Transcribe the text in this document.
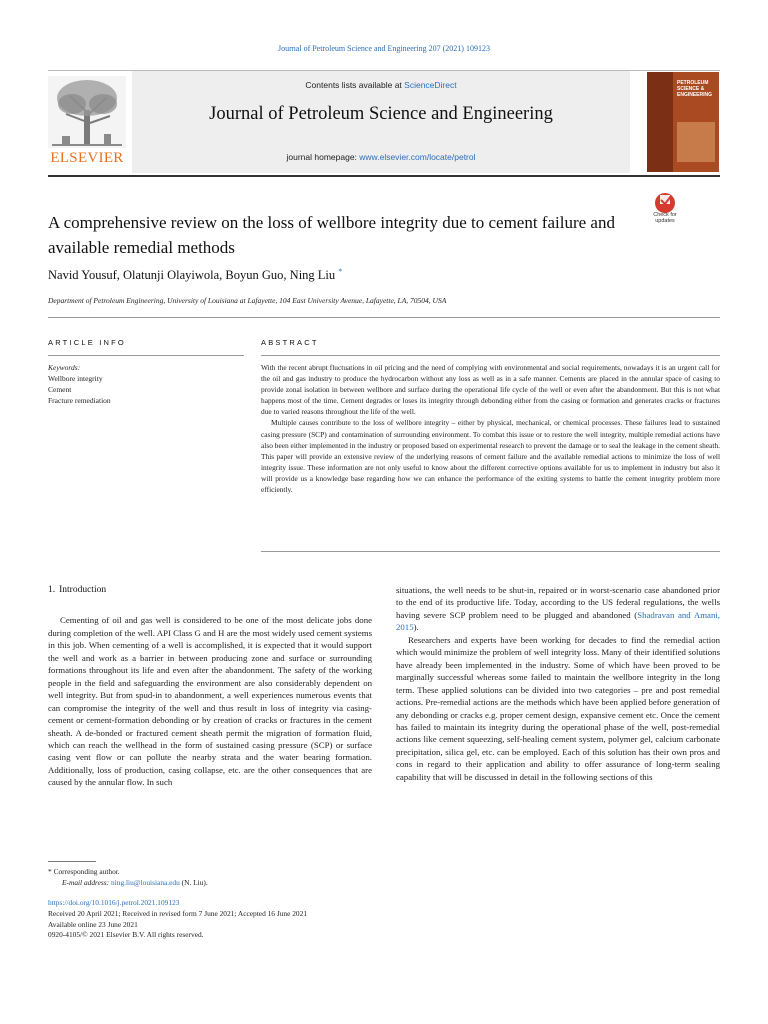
Journal of Petroleum Science and Engineering 207 (2021) 109123
ELSEVIER
Contents lists available at ScienceDirect
Journal of Petroleum Science and Engineering
journal homepage: www.elsevier.com/locate/petrol
PETROLEUM SCIENCE & ENGINEERING
Check for updates
A comprehensive review on the loss of wellbore integrity due to cement failure and available remedial methods
Navid Yousuf, Olatunji Olayiwola, Boyun Guo, Ning Liu *
Department of Petroleum Engineering, University of Louisiana at Lafayette, 104 East University Avenue, Lafayette, LA, 70504, USA
ARTICLE INFO	ABSTRACT
Keywords:
Wellbore integrity
Cement
Fracture remediation

With the recent abrupt fluctuations in oil pricing and the need of complying with environmental and social requirements, nowadays it is an urgent call for the oil and gas industry to produce the hydrocarbon without any loss as well as in a safe manner. Cements are placed in the annular space of casing to provide zonal isolation in between wellbore and surface during the operational life cycle of the well or even after the abandonment. But this is not what happens most of the time. Cement degrades or loses its integrity through debonding either from the casing or formation and generates cracks or fractures due to varied reasons throughout the life of the well.

Multiple causes contribute to the loss of wellbore integrity – either by physical, mechanical, or chemical processes. These failures lead to sustained casing pressure (SCP) and contamination of surrounding environment. To combat this issue or to restore the well integrity, multiple remedial actions have also been either implemented in the industry or proposed based on experimental research to prevent the damage or to seal the leakage in the cement sheath. This paper will provide an extensive review of the underlying reasons of cement failure and the available remedial actions to minimize the loss of well integrity issue. These information are not only useful to know about the different corrective options available for us to implement in industry but also it will provide us a knowledge base regarding how we can enhance the performance of the exiting systems to battle the cement integrity problem more efficiently.

1. Introduction

Cementing of oil and gas well is considered to be one of the most delicate jobs done during completion of the well. API Class G and H are the most widely used cement systems in this job. When cementing of a well is accomplished, it is expected that it would support the well and work as a barrier in between producing zone and surface or surrounding formations throughout its life and even after the abandonment. The safety of the working people in the field and safeguarding the environment are also considerably dependent on well integrity. But from spud-in to abandonment, a well experiences numerous events that can compromise the integrity of the well and thus result in loss of integrity via casing-cement or cement-formation debonding or by creation of cracks or fractures in the cement sheath. A de-bonded or fractured cement sheath permit the migration of formation fluid, which can reach the wellhead in the form of sustained casing pressure (SCP) or surface casing vent flow or can pollute the nearby strata and the water bearing formation. Additionally, loss of production, casing collapse, etc. are the other consequences that are caused by the annular flow. In such

situations, the well needs to be shut-in, repaired or in worst-scenario case abandoned prior to the end of its productive life. Today, according to the US federal regulations, the wells having severe SCP problem need to be plugged and abandoned (Shadravan and Amani, 2015).

Researchers and experts have been working for decades to find the remedial action which would minimize the problem of well integrity loss. Many of their identified solutions have already been implemented in the industry. Some of which have been proved to be marginally successful whereas some failed to maintain the wellbore integrity in the long term. These applied solutions can be divided into two categories – pre and post remedial actions. Pre-remedial actions are the methods which have been applied before generation of any debonding or cracks e.g. proper cement design, expansive cement etc. Once the cement has failed to maintain its integrity during the operational phase of the well, post-remedial actions like cement squeezing, self-healing cement system, polymer gel, calcium carbonate precipitation, silica gel, etc. can be employed. Each of this solution has their own pros and cons in regard to their application and ability to offer assurance of long-term sealing capability that will be discussed in detail in the following sections of this

* Corresponding author.
E-mail address: ning.liu@louisiana.edu (N. Liu).
https://doi.org/10.1016/j.petrol.2021.109123
Received 20 April 2021; Received in revised form 7 June 2021; Accepted 16 June 2021
Available online 23 June 2021
0920-4105/© 2021 Elsevier B.V. All rights reserved.
